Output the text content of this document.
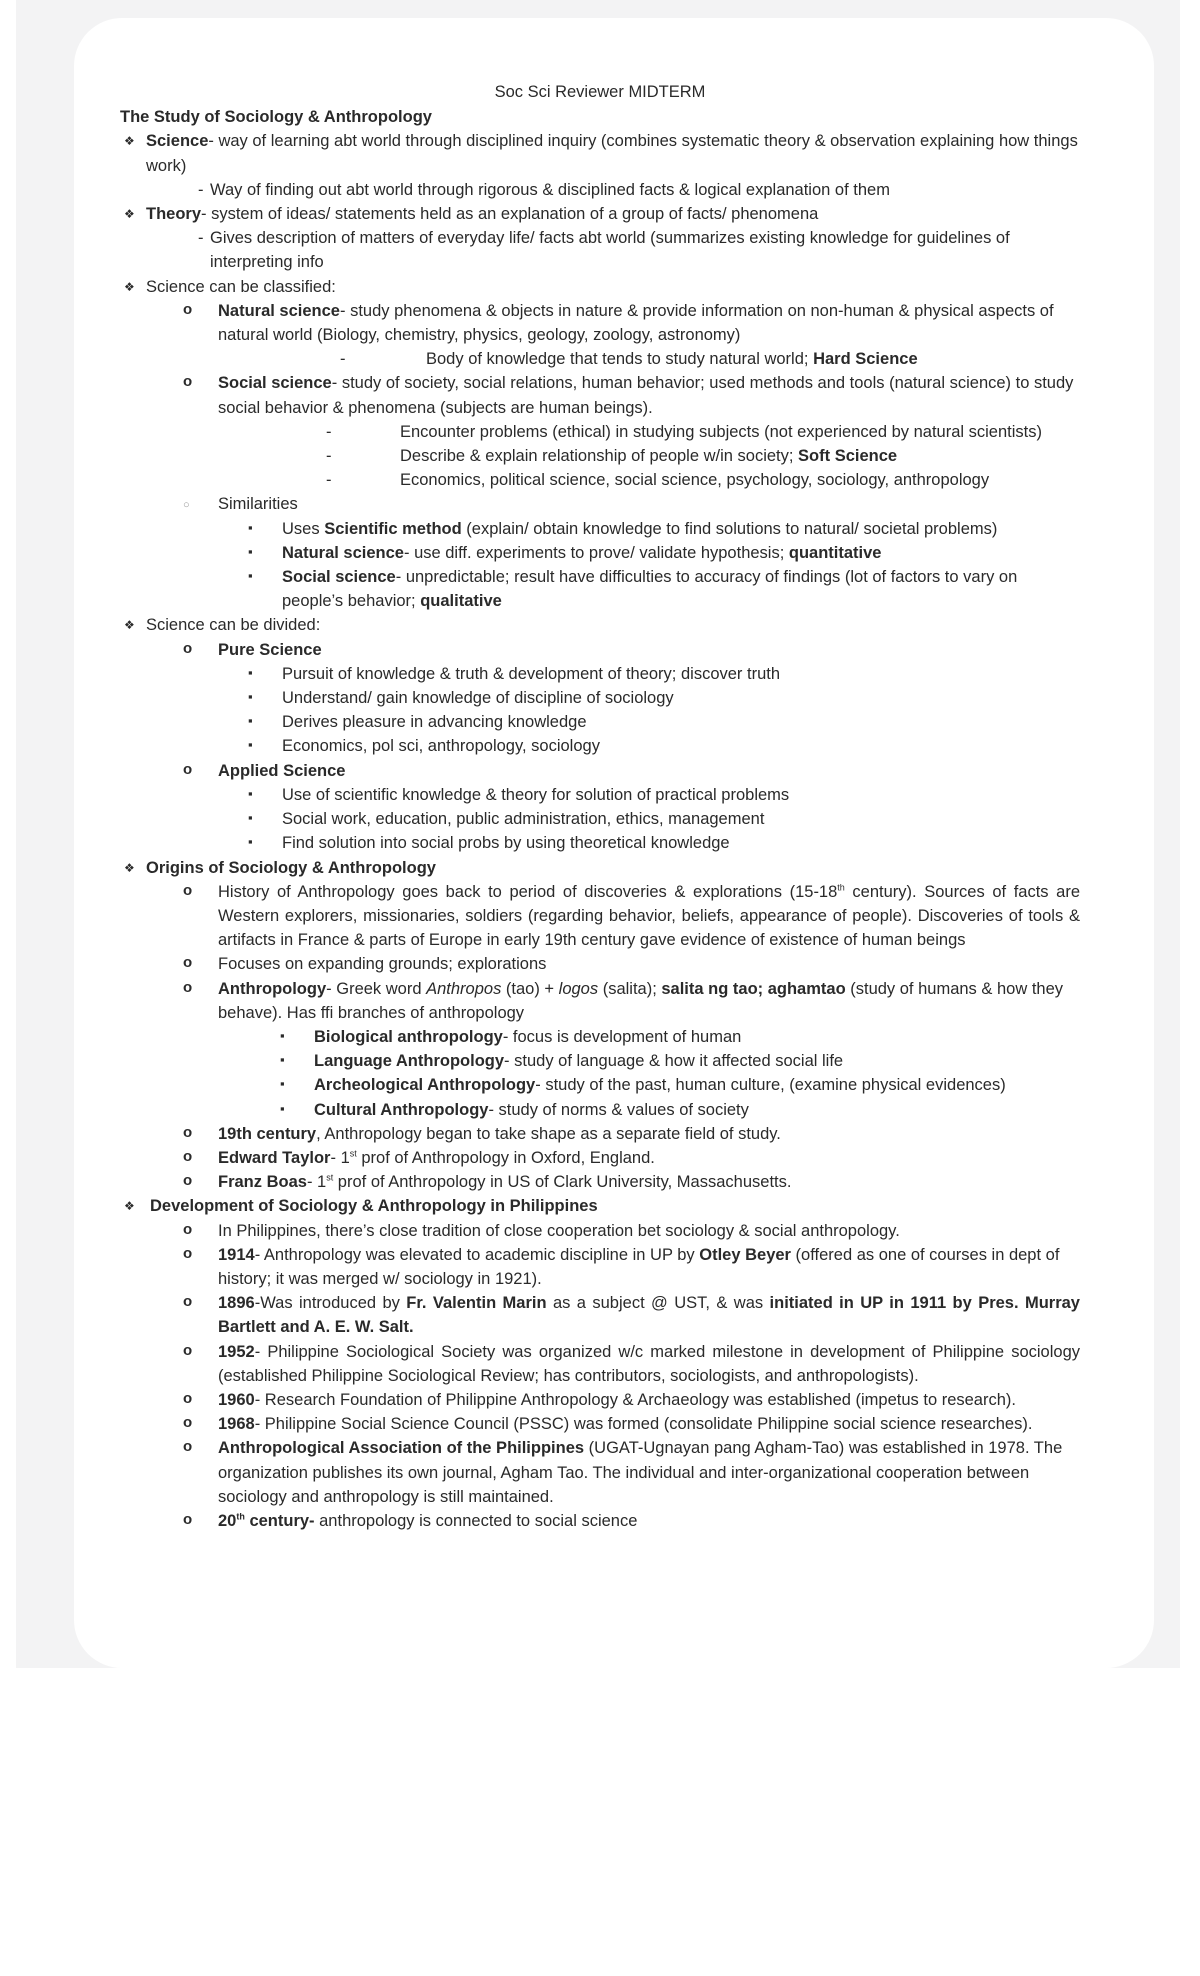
Soc Sci Reviewer MIDTERM
The Study of Sociology & Anthropology
❖ Science- way of learning abt world through disciplined inquiry (combines systematic theory & observation explaining how things work)
- Way of finding out abt world through rigorous & disciplined facts & logical explanation of them
❖ Theory- system of ideas/ statements held as an explanation of a group of facts/ phenomena
- Gives description of matters of everyday life/ facts abt world (summarizes existing knowledge for guidelines of interpreting info
❖ Science can be classified:
o Natural science- study phenomena & objects in nature & provide information on non-human & physical aspects of natural world (Biology, chemistry, physics, geology, zoology, astronomy)
- Body of knowledge that tends to study natural world; Hard Science
o Social science- study of society, social relations, human behavior; used methods and tools (natural science) to study social behavior & phenomena (subjects are human beings).
- Encounter problems (ethical) in studying subjects (not experienced by natural scientists)
- Describe & explain relationship of people w/in society; Soft Science
- Economics, political science, social science, psychology, sociology, anthropology
○ Similarities
▪ Uses Scientific method (explain/ obtain knowledge to find solutions to natural/ societal problems)
▪ Natural science- use diff. experiments to prove/ validate hypothesis; quantitative
▪ Social science- unpredictable; result have difficulties to accuracy of findings (lot of factors to vary on people’s behavior; qualitative
❖ Science can be divided:
o Pure Science
▪ Pursuit of knowledge & truth & development of theory; discover truth
▪ Understand/ gain knowledge of discipline of sociology
▪ Derives pleasure in advancing knowledge
▪ Economics, pol sci, anthropology, sociology
o Applied Science
▪ Use of scientific knowledge & theory for solution of practical problems
▪ Social work, education, public administration, ethics, management
▪ Find solution into social probs by using theoretical knowledge
❖ Origins of Sociology & Anthropology
o History of Anthropology goes back to period of discoveries & explorations (15-18th century). Sources of facts are Western explorers, missionaries, soldiers (regarding behavior, beliefs, appearance of people). Discoveries of tools & artifacts in France & parts of Europe in early 19th century gave evidence of existence of human beings
o Focuses on expanding grounds; explorations
o Anthropology- Greek word Anthropos (tao) + logos (salita); salita ng tao; aghamtao (study of humans & how they behave). Has ffi branches of anthropology
▪ Biological anthropology- focus is development of human
▪ Language Anthropology- study of language & how it affected social life
▪ Archeological Anthropology- study of the past, human culture, (examine physical evidences)
▪ Cultural Anthropology- study of norms & values of society
o 19th century, Anthropology began to take shape as a separate field of study.
o Edward Taylor- 1st prof of Anthropology in Oxford, England.
o Franz Boas- 1st prof of Anthropology in US of Clark University, Massachusetts.
❖ Development of Sociology & Anthropology in Philippines
o In Philippines, there’s close tradition of close cooperation bet sociology & social anthropology.
o 1914- Anthropology was elevated to academic discipline in UP by Otley Beyer (offered as one of courses in dept of history; it was merged w/ sociology in 1921).
o 1896-Was introduced by Fr. Valentin Marin as a subject @ UST, & was initiated in UP in 1911 by Pres. Murray Bartlett and A. E. W. Salt.
o 1952- Philippine Sociological Society was organized w/c marked milestone in development of Philippine sociology (established Philippine Sociological Review; has contributors, sociologists, and anthropologists).
o 1960- Research Foundation of Philippine Anthropology & Archaeology was established (impetus to research).
o 1968- Philippine Social Science Council (PSSC) was formed (consolidate Philippine social science researches).
o Anthropological Association of the Philippines (UGAT-Ugnayan pang Agham-Tao) was established in 1978. The organization publishes its own journal, Agham Tao. The individual and inter-organizational cooperation between sociology and anthropology is still maintained.
o 20th century- anthropology is connected to social science
